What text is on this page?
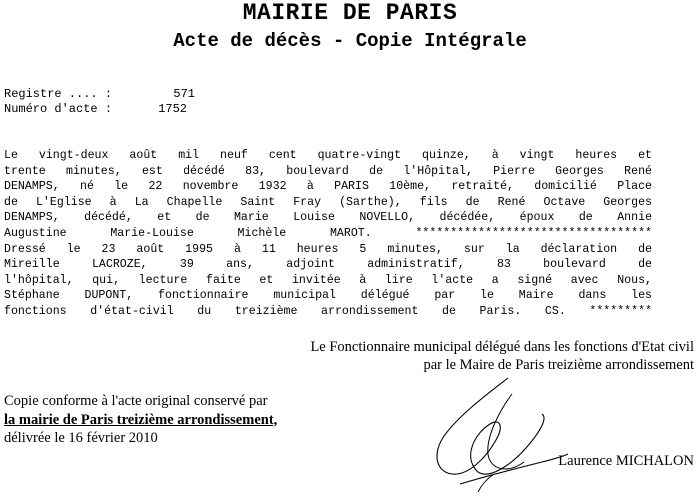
MAIRIE DE PARIS
Acte de décès - Copie Intégrale
Registre .... :	571
Numéro d'acte :	1752
Le vingt-deux août mil neuf cent quatre-vingt quinze, à vingt heures et
trente minutes, est décédé 83, boulevard de l'Hôpital, Pierre Georges René
DENAMPS, né le 22 novembre 1932 à PARIS 10ème, retraité, domicilié Place
de L'Eglise à La Chapelle Saint Fray (Sarthe), fils de René Octave Georges
DENAMPS, décédé, et de Marie Louise NOVELLO, décédée, époux de Annie
Augustine Marie-Louise Michèle MAROT. **********************************
Dressé le 23 août 1995 à 11 heures 5 minutes, sur la déclaration de
Mireille LACROZE, 39 ans, adjoint administratif, 83 boulevard de
l'hôpital, qui, lecture faite et invitée à lire l'acte a signé avec Nous,
Stéphane DUPONT, fonctionnaire municipal délégué par le Maire dans les
fonctions d'état-civil du treizième arrondissement de Paris. CS. *********
Le Fonctionnaire municipal délégué dans les fonctions d'Etat civil
par le Maire de Paris treizième arrondissement
Copie conforme à l'acte original conservé par
la mairie de Paris treizième arrondissement,
délivrée le 16 février 2010
Laurence MICHALON
